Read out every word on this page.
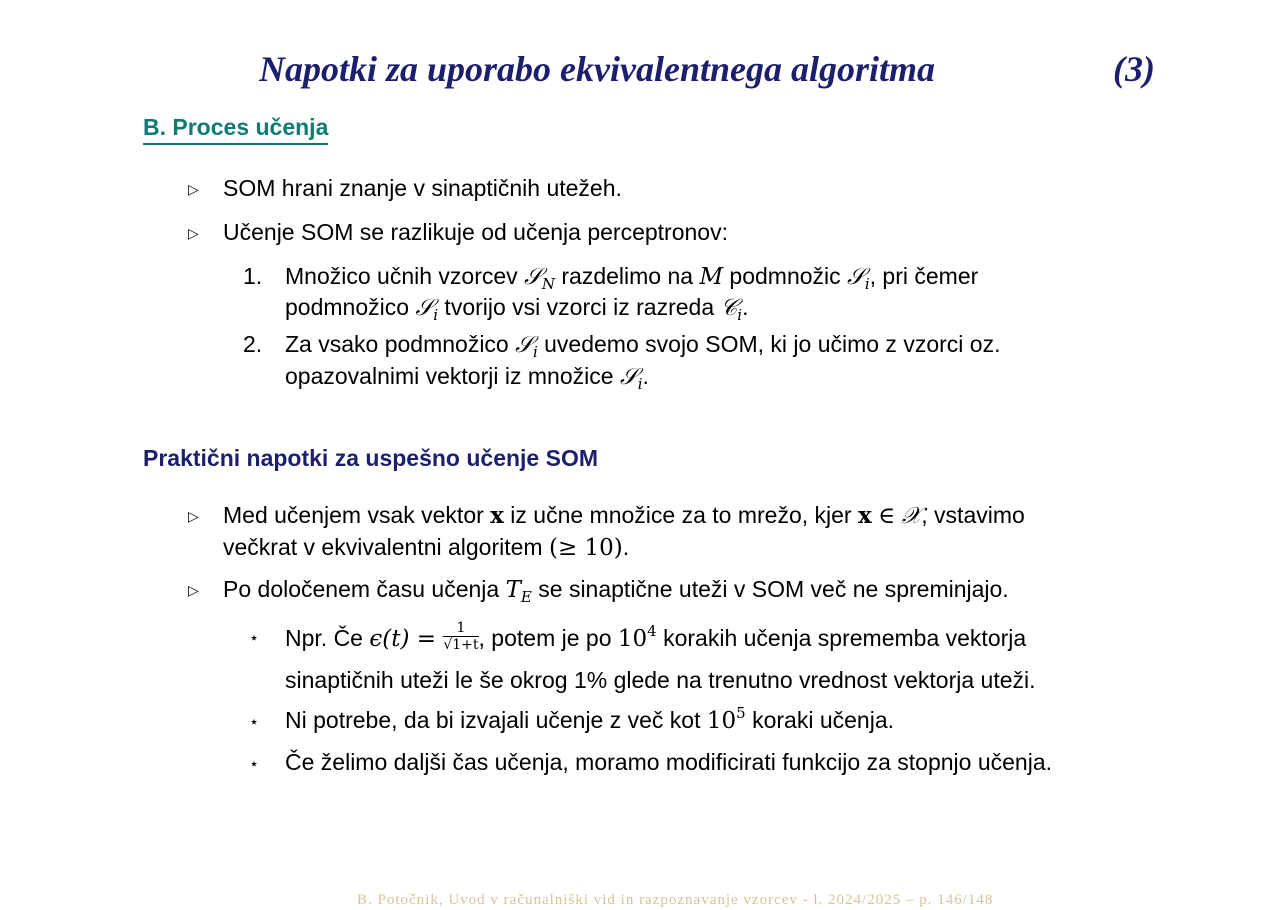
Napotki za uporabo ekvivalentnega algoritma	(3)
B. Proces učenja
▷ SOM hrani znanje v sinaptičnih utežeh.
▷ Učenje SOM se razlikuje od učenja perceptronov:
1. Množico učnih vzorcev 𝒮$_N$ razdelimo na M podmnožic 𝒮$_i$, pri čemer
podmnožico 𝒮$_i$ tvorijo vsi vzorci iz razreda 𝒞$_i$.
2. Za vsako podmnožico 𝒮$_i$ uvedemo svojo SOM, ki jo učimo z vzorci oz.
opazovalnimi vektorji iz množice 𝒮$_i$.
Praktični napotki za uspešno učenje SOM
▷ Med učenjem vsak vektor x iz učne množice za to mrežo, kjer x ∈ 𝒳, vstavimo
večkrat v ekvivalentni algoritem (≥ 10).
▷ Po določenem času učenja $T_E$ se sinaptične uteži v SOM več ne spreminjajo.
⋆ Npr. Če $\epsilon(t) = \frac{1}{√1+t}$ , potem je po $10^4$ korakih učenja sprememba vektorja
sinaptičnih uteži le še okrog 1% glede na trenutno vrednost vektorja uteži.
⋆ Ni potrebe, da bi izvajali učenje z več kot $10^5$ koraki učenja.
⋆ Če želimo daljši čas učenja, moramo modificirati funkcijo za stopnjo učenja.
B. Potočnik, Uvod v računalniški vid in razpoznavanje vzorcev - l. 2024/2025 – p. 146/148
